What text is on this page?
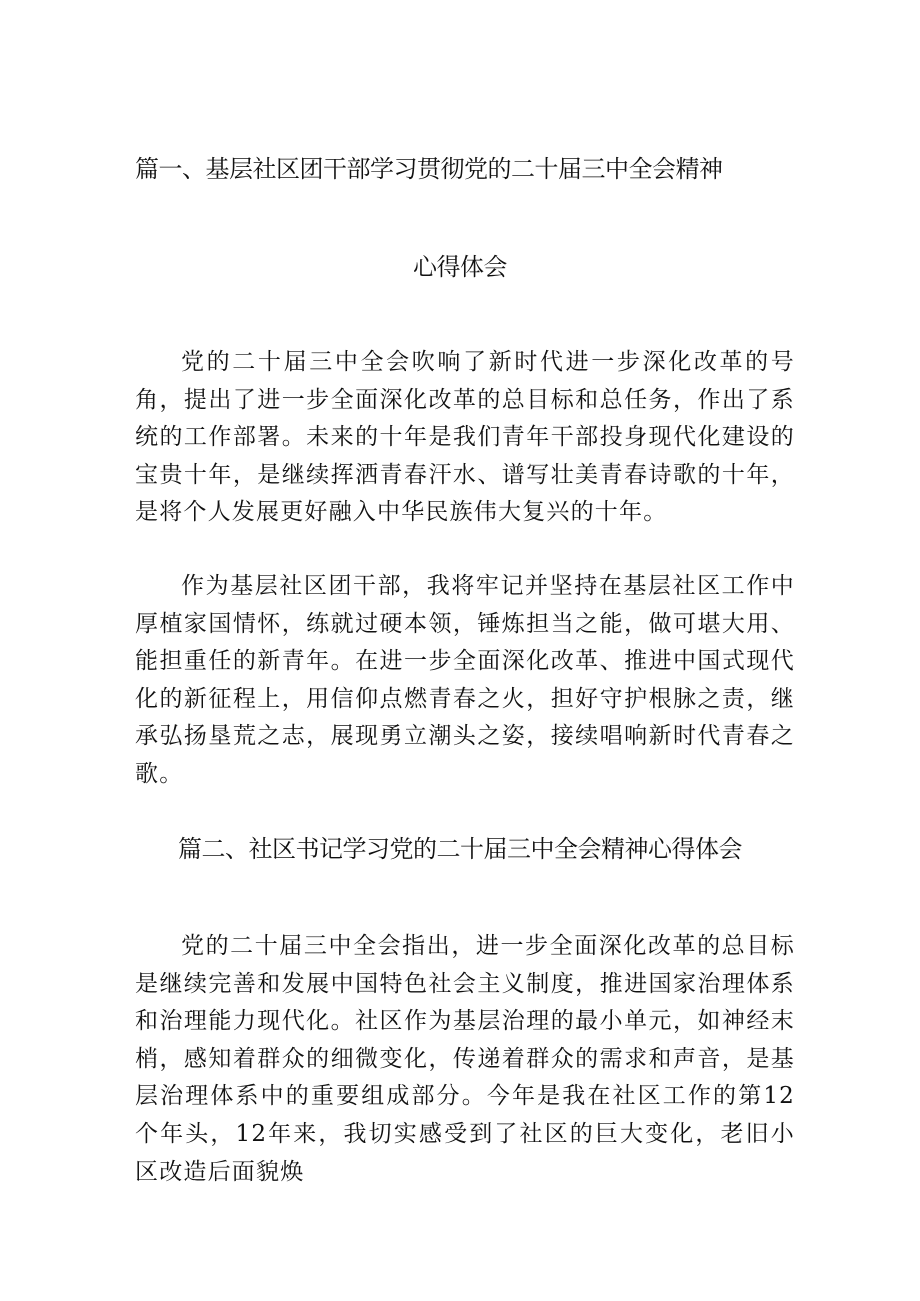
篇一、基层社区团干部学习贯彻党的二十届三中全会精神
心得体会

党的二十届三中全会吹响了新时代进一步深化改革的号角，提出了进一步全面深化改革的总目标和总任务，作出了系统的工作部署。未来的十年是我们青年干部投身现代化建设的宝贵十年，是继续挥洒青春汗水、谱写壮美青春诗歌的十年，是将个人发展更好融入中华民族伟大复兴的十年。

作为基层社区团干部，我将牢记并坚持在基层社区工作中厚植家国情怀，练就过硬本领，锤炼担当之能，做可堪大用、能担重任的新青年。在进一步全面深化改革、推进中国式现代化的新征程上，用信仰点燃青春之火，担好守护根脉之责，继承弘扬垦荒之志，展现勇立潮头之姿，接续唱响新时代青春之歌。

篇二、社区书记学习党的二十届三中全会精神心得体会

党的二十届三中全会指出，进一步全面深化改革的总目标是继续完善和发展中国特色社会主义制度，推进国家治理体系和治理能力现代化。社区作为基层治理的最小单元，如神经末梢，感知着群众的细微变化，传递着群众的需求和声音，是基层治理体系中的重要组成部分。今年是我在社区工作的第12个年头，12年来，我切实感受到了社区的巨大变化，老旧小区改造后面貌焕
